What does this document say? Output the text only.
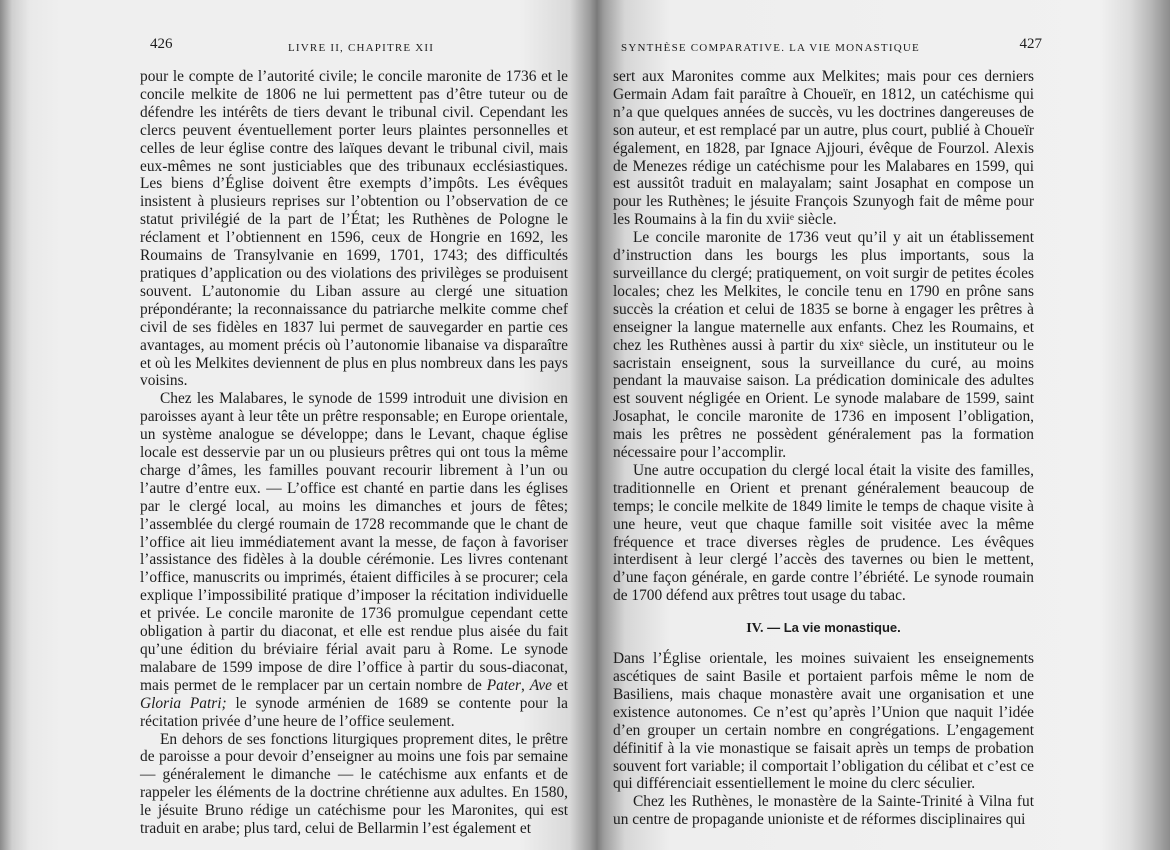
426	LIVRE II, CHAPITRE XII

pour le compte de l’autorité civile; le concile maronite de 1736 et le concile melkite de 1806 ne lui permettent pas d’être tuteur ou de défendre les intérêts de tiers devant le tribunal civil. Cependant les clercs peuvent éventuellement porter leurs plaintes personnelles et celles de leur église contre des laïques devant le tribunal civil, mais eux-mêmes ne sont justiciables que des tribunaux ecclésiastiques. Les biens d’Église doivent être exempts d’impôts. Les évêques insistent à plusieurs reprises sur l’obtention ou l’observation de ce statut privilégié de la part de l’État; les Ruthènes de Pologne le réclament et l’obtiennent en 1596, ceux de Hongrie en 1692, les Roumains de Transylvanie en 1699, 1701, 1743; des difficultés pratiques d’application ou des violations des privilèges se produisent souvent. L’autonomie du Liban assure au clergé une situation prépondérante; la reconnaissance du patriarche melkite comme chef civil de ses fidèles en 1837 lui permet de sauvegarder en partie ces avantages, au moment précis où l’autonomie libanaise va disparaître et où les Melkites deviennent de plus en plus nombreux dans les pays voisins.

Chez les Malabares, le synode de 1599 introduit une division en paroisses ayant à leur tête un prêtre responsable; en Europe orientale, un système analogue se développe; dans le Levant, chaque église locale est desservie par un ou plusieurs prêtres qui ont tous la même charge d’âmes, les familles pouvant recourir librement à l’un ou l’autre d’entre eux. — L’office est chanté en partie dans les églises par le clergé local, au moins les dimanches et jours de fêtes; l’assemblée du clergé roumain de 1728 recommande que le chant de l’office ait lieu immédiatement avant la messe, de façon à favoriser l’assistance des fidèles à la double cérémonie. Les livres contenant l’office, manuscrits ou imprimés, étaient difficiles à se procurer; cela explique l’impossibilité pratique d’imposer la récitation individuelle et privée. Le concile maronite de 1736 promulgue cependant cette obligation à partir du diaconat, et elle est rendue plus aisée du fait qu’une édition du bréviaire férial avait paru à Rome. Le synode malabare de 1599 impose de dire l’office à partir du sous-diaconat, mais permet de le remplacer par un certain nombre de Pater, Ave et Gloria Patri; le synode arménien de 1689 se contente pour la récitation privée d’une heure de l’office seulement.

En dehors de ses fonctions liturgiques proprement dites, le prêtre de paroisse a pour devoir d’enseigner au moins une fois par semaine — généralement le dimanche — le catéchisme aux enfants et de rappeler les éléments de la doctrine chrétienne aux adultes. En 1580, le jésuite Bruno rédige un catéchisme pour les Maronites, qui est traduit en arabe; plus tard, celui de Bellarmin l’est également et

SYNTHÈSE COMPARATIVE. LA VIE MONASTIQUE	427

sert aux Maronites comme aux Melkites; mais pour ces derniers Germain Adam fait paraître à Choueïr, en 1812, un catéchisme qui n’a que quelques années de succès, vu les doctrines dangereuses de son auteur, et est remplacé par un autre, plus court, publié à Choueïr également, en 1828, par Ignace Ajjouri, évêque de Fourzol. Alexis de Menezes rédige un catéchisme pour les Malabares en 1599, qui est aussitôt traduit en malayalam; saint Josaphat en compose un pour les Ruthènes; le jésuite François Szunyogh fait de même pour les Roumains à la fin du xviiᵉ siècle.

Le concile maronite de 1736 veut qu’il y ait un établissement d’instruction dans les bourgs les plus importants, sous la surveillance du clergé; pratiquement, on voit surgir de petites écoles locales; chez les Melkites, le concile tenu en 1790 en prône sans succès la création et celui de 1835 se borne à engager les prêtres à enseigner la langue maternelle aux enfants. Chez les Roumains, et chez les Ruthènes aussi à partir du xixᵉ siècle, un instituteur ou le sacristain enseignent, sous la surveillance du curé, au moins pendant la mauvaise saison. La prédication dominicale des adultes est souvent négligée en Orient. Le synode malabare de 1599, saint Josaphat, le concile maronite de 1736 en imposent l’obligation, mais les prêtres ne possèdent généralement pas la formation nécessaire pour l’accomplir.

Une autre occupation du clergé local était la visite des familles, traditionnelle en Orient et prenant généralement beaucoup de temps; le concile melkite de 1849 limite le temps de chaque visite à une heure, veut que chaque famille soit visitée avec la même fréquence et trace diverses règles de prudence. Les évêques interdisent à leur clergé l’accès des tavernes ou bien le mettent, d’une façon générale, en garde contre l’ébriété. Le synode roumain de 1700 défend aux prêtres tout usage du tabac.

IV. — La vie monastique.

Dans l’Église orientale, les moines suivaient les enseignements ascétiques de saint Basile et portaient parfois même le nom de Basiliens, mais chaque monastère avait une organisation et une existence autonomes. Ce n’est qu’après l’Union que naquit l’idée d’en grouper un certain nombre en congrégations. L’engagement définitif à la vie monastique se faisait après un temps de probation souvent fort variable; il comportait l’obligation du célibat et c’est ce qui différenciait essentiellement le moine du clerc séculier.

Chez les Ruthènes, le monastère de la Sainte-Trinité à Vilna fut un centre de propagande unioniste et de réformes disciplinaires qui
